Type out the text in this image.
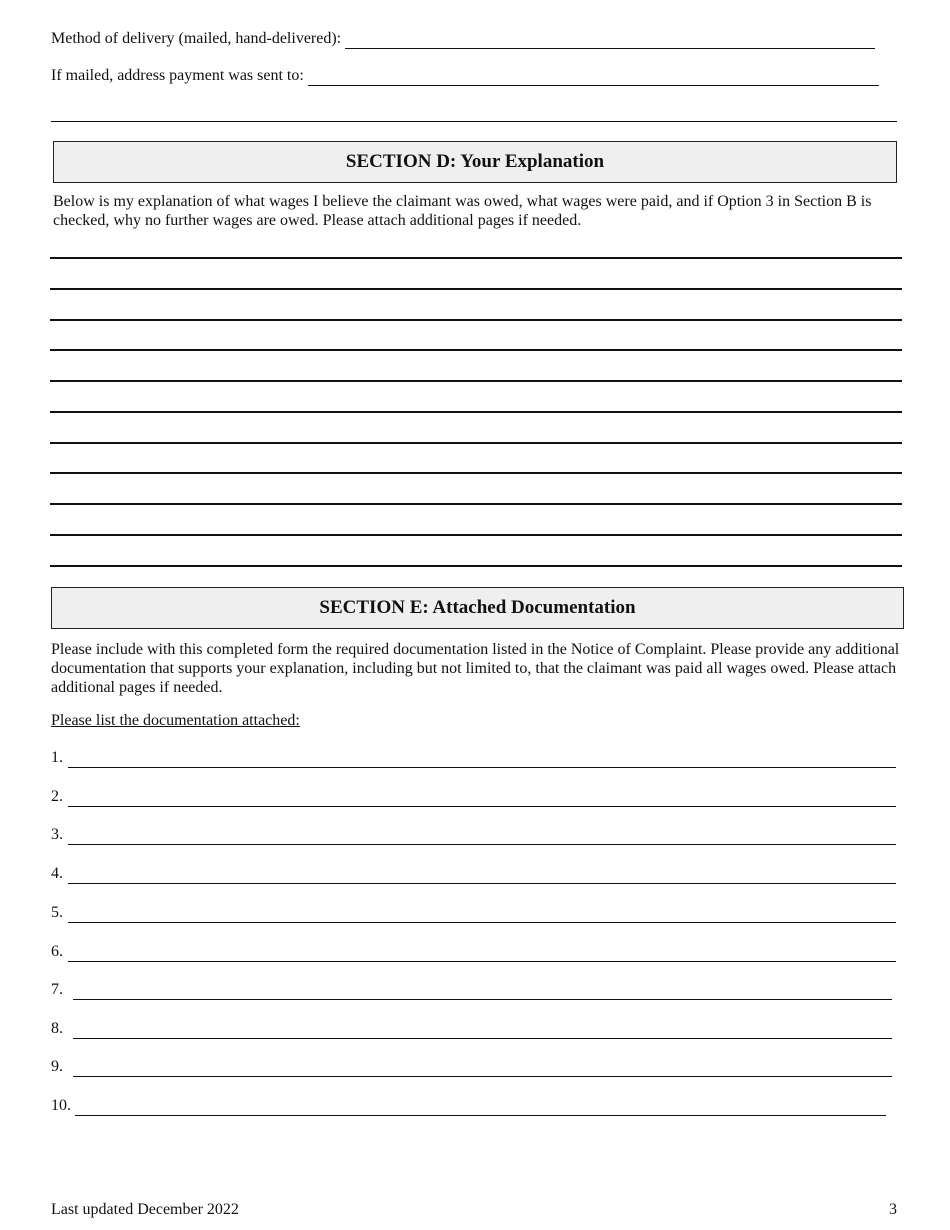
Method of delivery (mailed, hand-delivered):
If mailed, address payment was sent to:
SECTION D: Your Explanation
Below is my explanation of what wages I believe the claimant was owed, what wages were paid, and if Option 3 in Section B is checked, why no further wages are owed. Please attach additional pages if needed.
SECTION E: Attached Documentation
Please include with this completed form the required documentation listed in the Notice of Complaint. Please provide any additional documentation that supports your explanation, including but not limited to, that the claimant was paid all wages owed. Please attach additional pages if needed.
Please list the documentation attached:
1.
2.
3.
4.
5.
6.
7.
8.
9.
10.
Last updated December 2022	3
